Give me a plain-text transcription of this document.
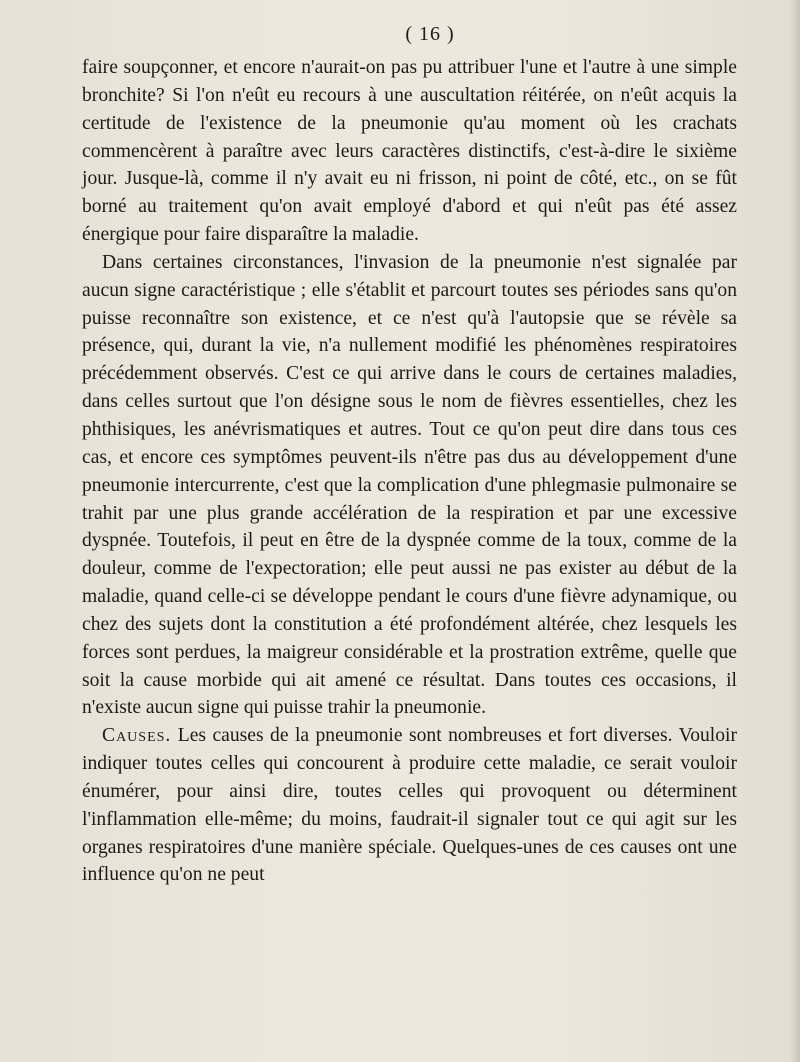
( 16 )

faire soupçonner, et encore n'aurait-on pas pu attribuer l'une et l'autre à une simple bronchite? Si l'on n'eût eu recours à une auscultation réitérée, on n'eût acquis la certitude de l'existence de la pneumonie qu'au moment où les crachats commencèrent à paraître avec leurs caractères distinctifs, c'est-à-dire le sixième jour. Jusque-là, comme il n'y avait eu ni frisson, ni point de côté, etc., on se fût borné au traitement qu'on avait employé d'abord et qui n'eût pas été assez énergique pour faire disparaître la maladie.

Dans certaines circonstances, l'invasion de la pneumonie n'est signalée par aucun signe caractéristique ; elle s'établit et parcourt toutes ses périodes sans qu'on puisse reconnaître son existence, et ce n'est qu'à l'autopsie que se révèle sa présence, qui, durant la vie, n'a nullement modifié les phénomènes respiratoires précédemment observés. C'est ce qui arrive dans le cours de certaines maladies, dans celles surtout que l'on désigne sous le nom de fièvres essentielles, chez les phthisiques, les anévrismatiques et autres. Tout ce qu'on peut dire dans tous ces cas, et encore ces symptômes peuvent-ils n'être pas dus au développement d'une pneumonie intercurrente, c'est que la complication d'une phlegmasie pulmonaire se trahit par une plus grande accélération de la respiration et par une excessive dyspnée. Toutefois, il peut en être de la dyspnée comme de la toux, comme de la douleur, comme de l'expectoration; elle peut aussi ne pas exister au début de la maladie, quand celle-ci se développe pendant le cours d'une fièvre adynamique, ou chez des sujets dont la constitution a été profondément altérée, chez lesquels les forces sont perdues, la maigreur considérable et la prostration extrême, quelle que soit la cause morbide qui ait amené ce résultat. Dans toutes ces occasions, il n'existe aucun signe qui puisse trahir la pneumonie.

Causes. Les causes de la pneumonie sont nombreuses et fort diverses. Vouloir indiquer toutes celles qui concourent à produire cette maladie, ce serait vouloir énumérer, pour ainsi dire, toutes celles qui provoquent ou déterminent l'inflammation elle-même; du moins, faudrait-il signaler tout ce qui agit sur les organes respiratoires d'une manière spéciale. Quelques-unes de ces causes ont une influence qu'on ne peut
